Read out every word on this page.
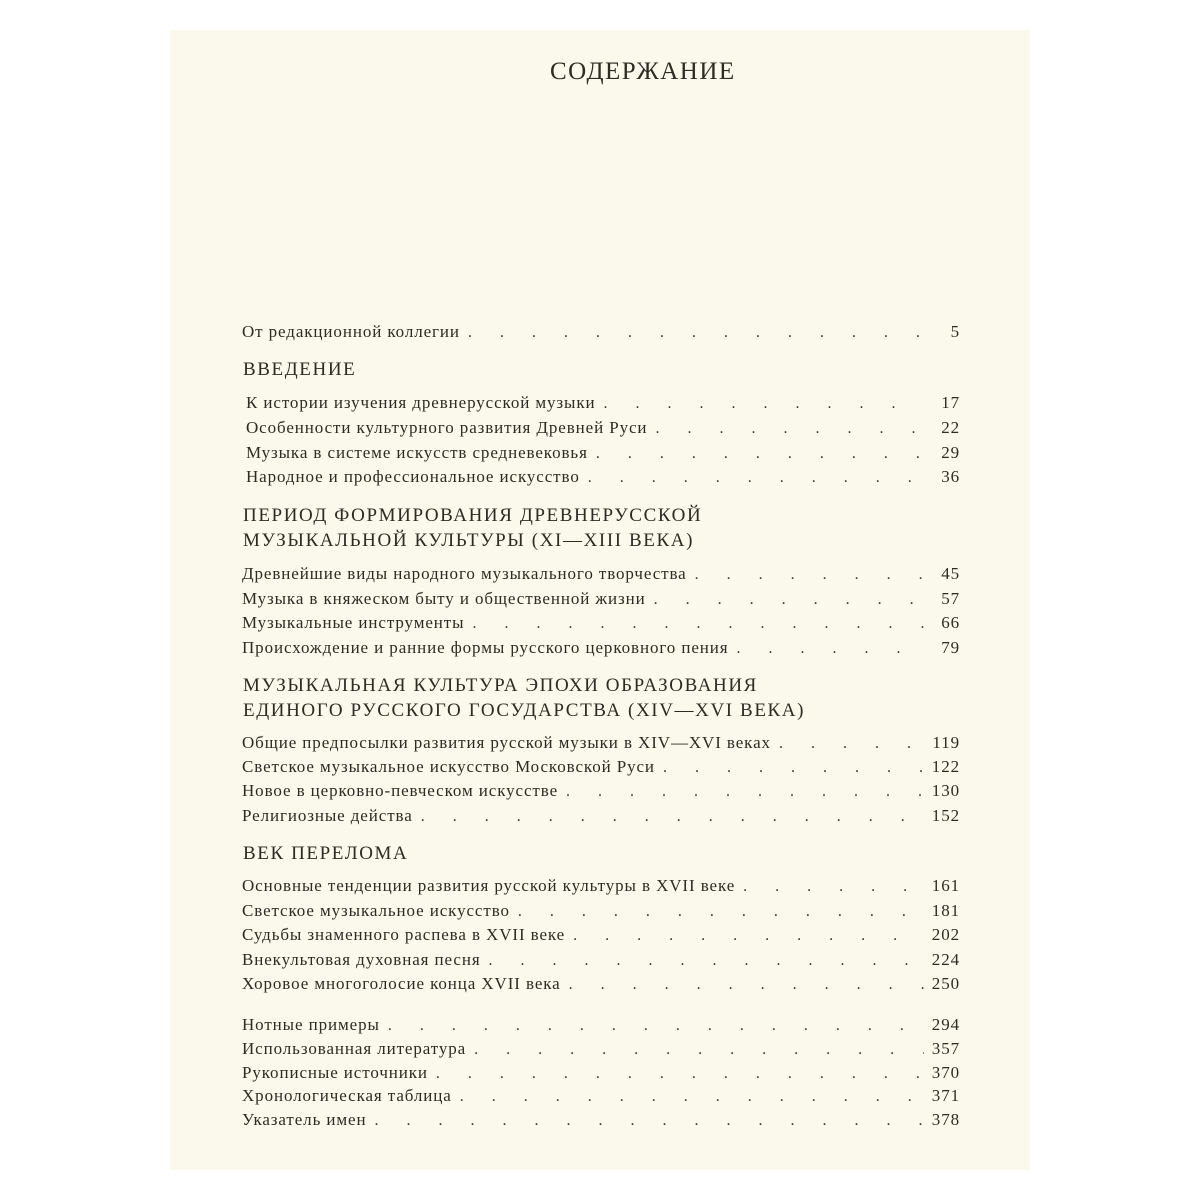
СОДЕРЖАНИЕ
От редакционной коллегии .	5
ВВЕДЕНИЕ
К истории изучения древнерусской музыки .	17
Особенности культурного развития Древней Руси .	22
Музыка в системе искусств средневековья .	29
Народное и профессиональное искусство .	36
ПЕРИОД ФОРМИРОВАНИЯ ДРЕВНЕРУССКОЙ
МУЗЫКАЛЬНОЙ КУЛЬТУРЫ (XI—XIII ВЕКА)
Древнейшие виды народного музыкального творчества .	45
Музыка в княжеском быту и общественной жизни .	57
Музыкальные инструменты .	66
Происхождение и ранние формы русского церковного пения .	79
МУЗЫКАЛЬНАЯ КУЛЬТУРА ЭПОХИ ОБРАЗОВАНИЯ
ЕДИНОГО РУССКОГО ГОСУДАРСТВА (XIV—XVI ВЕКА)
Общие предпосылки развития русской музыки в XIV—XVI веках .	119
Светское музыкальное искусство Московской Руси .	122
Новое в церковно-певческом искусстве .	130
Религиозные действа .	152
ВЕК ПЕРЕЛОМА
Основные тенденции развития русской культуры в XVII веке .	161
Светское музыкальное искусство .	181
Судьбы знаменного распева в XVII веке .	202
Внекультовая духовная песня .	224
Хоровое многоголосие конца XVII века .	250
Нотные примеры .	294
Использованная литература .	357
Рукописные источники .	370
Хронологическая таблица .	371
Указатель имен .	378
